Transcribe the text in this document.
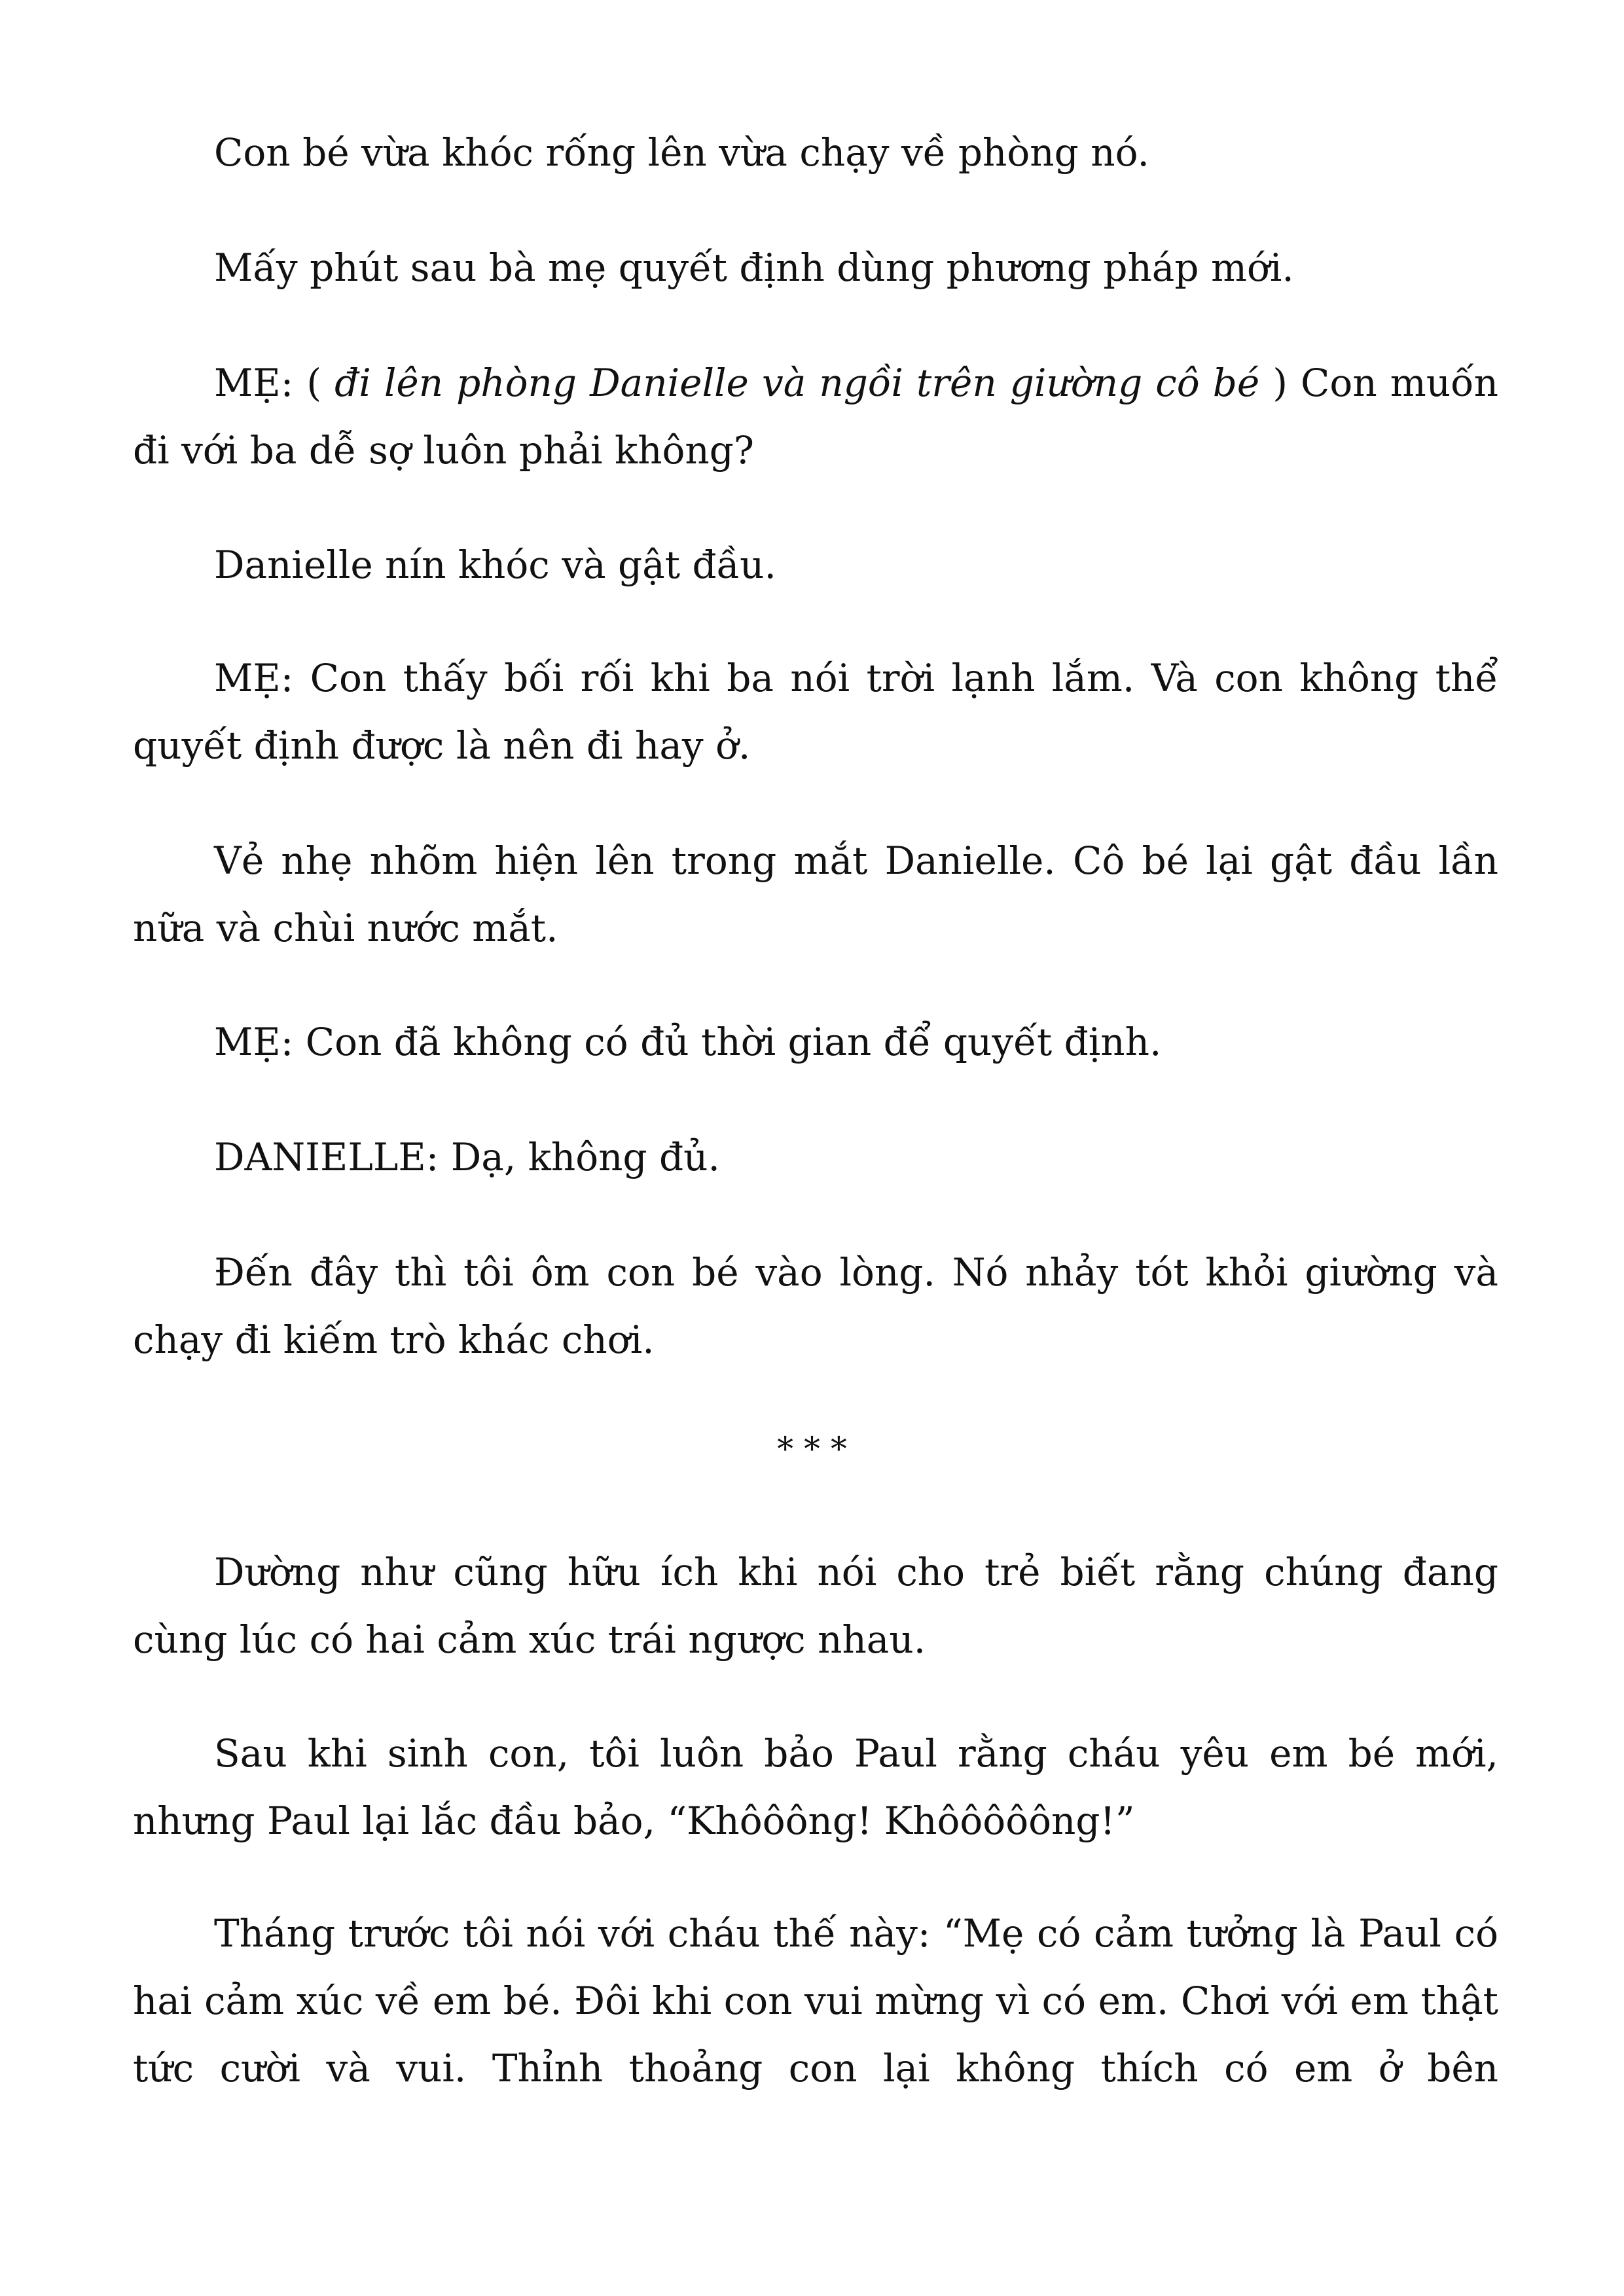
Con bé vừa khóc rống lên vừa chạy về phòng nó.

Mấy phút sau bà mẹ quyết định dùng phương pháp mới.

MẸ: ( đi lên phòng Danielle và ngồi trên giường cô bé ) Con muốn đi với ba dễ sợ luôn phải không?

Danielle nín khóc và gật đầu.

MẸ: Con thấy bối rối khi ba nói trời lạnh lắm. Và con không thể quyết định được là nên đi hay ở.

Vẻ nhẹ nhõm hiện lên trong mắt Danielle. Cô bé lại gật đầu lần nữa và chùi nước mắt.

MẸ: Con đã không có đủ thời gian để quyết định.

DANIELLE: Dạ, không đủ.

Đến đây thì tôi ôm con bé vào lòng. Nó nhảy tót khỏi giường và chạy đi kiếm trò khác chơi.

* * *

Dường như cũng hữu ích khi nói cho trẻ biết rằng chúng đang cùng lúc có hai cảm xúc trái ngược nhau.

Sau khi sinh con, tôi luôn bảo Paul rằng cháu yêu em bé mới, nhưng Paul lại lắc đầu bảo, “Khôôông! Khôôôôông!”

Tháng trước tôi nói với cháu thế này: “Mẹ có cảm tưởng là Paul có hai cảm xúc về em bé. Đôi khi con vui mừng vì có em. Chơi với em thật tức cười và vui. Thỉnh thoảng con lại không thích có em ở bên
